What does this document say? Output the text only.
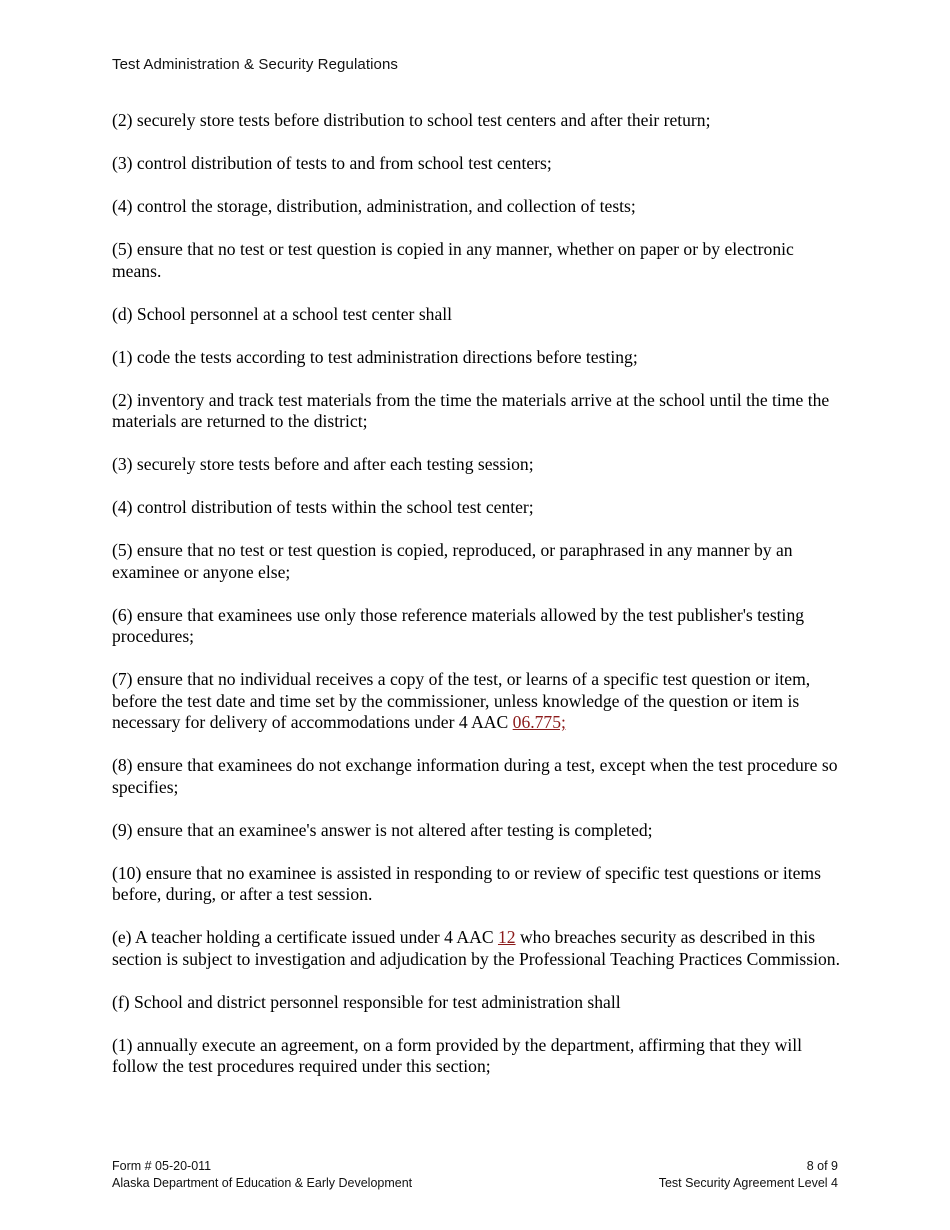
Test Administration & Security Regulations

(2) securely store tests before distribution to school test centers and after their return;

(3) control distribution of tests to and from school test centers;

(4) control the storage, distribution, administration, and collection of tests;

(5) ensure that no test or test question is copied in any manner, whether on paper or by electronic means.

(d) School personnel at a school test center shall

(1) code the tests according to test administration directions before testing;

(2) inventory and track test materials from the time the materials arrive at the school until the time the materials are returned to the district;

(3) securely store tests before and after each testing session;

(4) control distribution of tests within the school test center;

(5) ensure that no test or test question is copied, reproduced, or paraphrased in any manner by an examinee or anyone else;

(6) ensure that examinees use only those reference materials allowed by the test publisher's testing procedures;

(7) ensure that no individual receives a copy of the test, or learns of a specific test question or item, before the test date and time set by the commissioner, unless knowledge of the question or item is necessary for delivery of accommodations under 4 AAC 06.775;

(8) ensure that examinees do not exchange information during a test, except when the test procedure so specifies;

(9) ensure that an examinee's answer is not altered after testing is completed;

(10) ensure that no examinee is assisted in responding to or review of specific test questions or items before, during, or after a test session.

(e) A teacher holding a certificate issued under 4 AAC 12 who breaches security as described in this section is subject to investigation and adjudication by the Professional Teaching Practices Commission.

(f) School and district personnel responsible for test administration shall

(1) annually execute an agreement, on a form provided by the department, affirming that they will follow the test procedures required under this section;

Form # 05-20-011
Alaska Department of Education & Early Development
8 of 9
Test Security Agreement Level 4
